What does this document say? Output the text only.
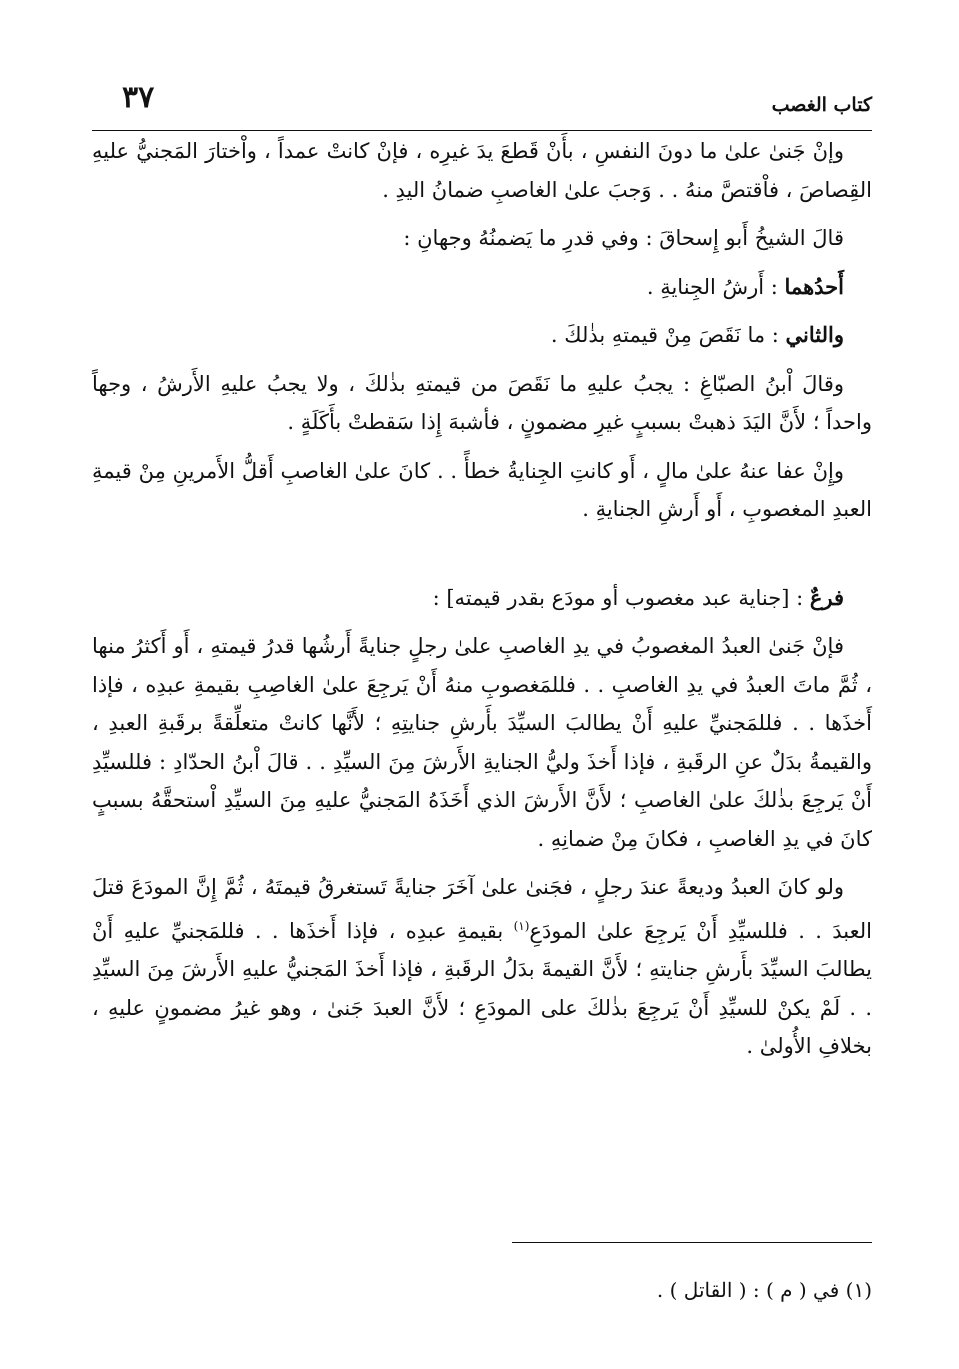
كتاب الغصب
٣٧

وإنْ جَنىٰ علىٰ ما دونَ النفسِ ، بأَنْ قَطعَ يدَ غيرِه ، فإنْ كانتْ عمداً ، واْختارَ المَجنيُّ عليهِ القِصاصَ ، فاْقتصَّ منهُ . . وَجبَ علىٰ الغاصبِ ضمانُ اليدِ .

قالَ الشيخُ أَبو إِسحاقَ : وفي قدرِ ما يَضمنُهُ وجهانِ :

أَحدُهما : أَرشُ الجِنايةِ .

والثاني : ما نَقَصَ مِنْ قيمتهِ بذٰلكَ .

وقالَ اْبنُ الصبّاغِ : يجبُ عليهِ ما نَقَصَ من قيمتهِ بذٰلكَ ، ولا يجبُ عليهِ الأَرشُ ، وجهاً واحداً ؛ لأَنَّ اليَدَ ذهبتْ بسببٍ غيرِ مضمونٍ ، فأشبهَ إِذا سَقطتْ بأَكَلَةٍ .

وإِنْ عفا عنهُ علىٰ مالٍ ، أَو كانتِ الجِنايةُ خطأً . . كانَ علىٰ الغاصبِ أَقلُّ الأَمرينِ مِنْ قيمةِ العبدِ المغصوبِ ، أَو أَرشِ الجنايةِ .

فرعٌ : [جناية عبد مغصوب أو مودَع بقدر قيمته] :

فإنْ جَنىٰ العبدُ المغصوبُ في يدِ الغاصبِ علىٰ رجلٍ جنايةً أَرشُها قدرُ قيمتهِ ، أَو أَكثرُ منها ، ثُمَّ ماتَ العبدُ في يدِ الغاصبِ . . فللمَغصوبِ منهُ أَنْ يَرجِعَ علىٰ الغاصِبِ بقيمةِ عبدِه ، فإذا أَخذَها . . فللمَجنيِّ عليهِ أَنْ يطالبَ السيِّدَ بأَرشِ جنايتِهِ ؛ لأَنَّها كانتْ متعلِّقةً برقَبةِ العبدِ ، والقيمةُ بدَلٌ عنِ الرقَبةِ ، فإذا أَخذَ وليُّ الجنايةِ الأَرشَ مِنَ السيِّدِ . . قالَ اْبنُ الحدّادِ : فللسيِّدِ أَنْ يَرجِعَ بذٰلكَ علىٰ الغاصبِ ؛ لأَنَّ الأَرشَ الذي أَخَذَهُ المَجنيُّ عليهِ مِنَ السيِّدِ اْستحقَّهُ بسببٍ كانَ في يدِ الغاصبِ ، فكانَ مِنْ ضمانِهِ .

ولو كانَ العبدُ وديعةً عندَ رجلٍ ، فجَنىٰ علىٰ آخَرَ جنايةً تَستغرقُ قيمتَهُ ، ثُمَّ إِنَّ المودَعَ قتلَ العبدَ . . فللسيِّدِ أَنْ يَرجِعَ علىٰ المودَعِ$^{(١)}$ بقيمةِ عبدِه ، فإذا أَخذَها . . فللمَجنيِّ عليهِ أَنْ يطالبَ السيِّدَ بأَرشِ جنايتهِ ؛ لأَنَّ القيمةَ بدَلُ الرقَبةِ ، فإذا أَخذَ المَجنيُّ عليهِ الأَرشَ مِنَ السيِّدِ . . لَمْ يكنْ للسيِّدِ أَنْ يَرجِعَ بذٰلكَ على المودَعِ ؛ لأَنَّ العبدَ جَنىٰ ، وهو غيرُ مضمونٍ عليهِ ، بخلافِ الأُولىٰ .

(١) في ( م ) : ( القاتل ) .
